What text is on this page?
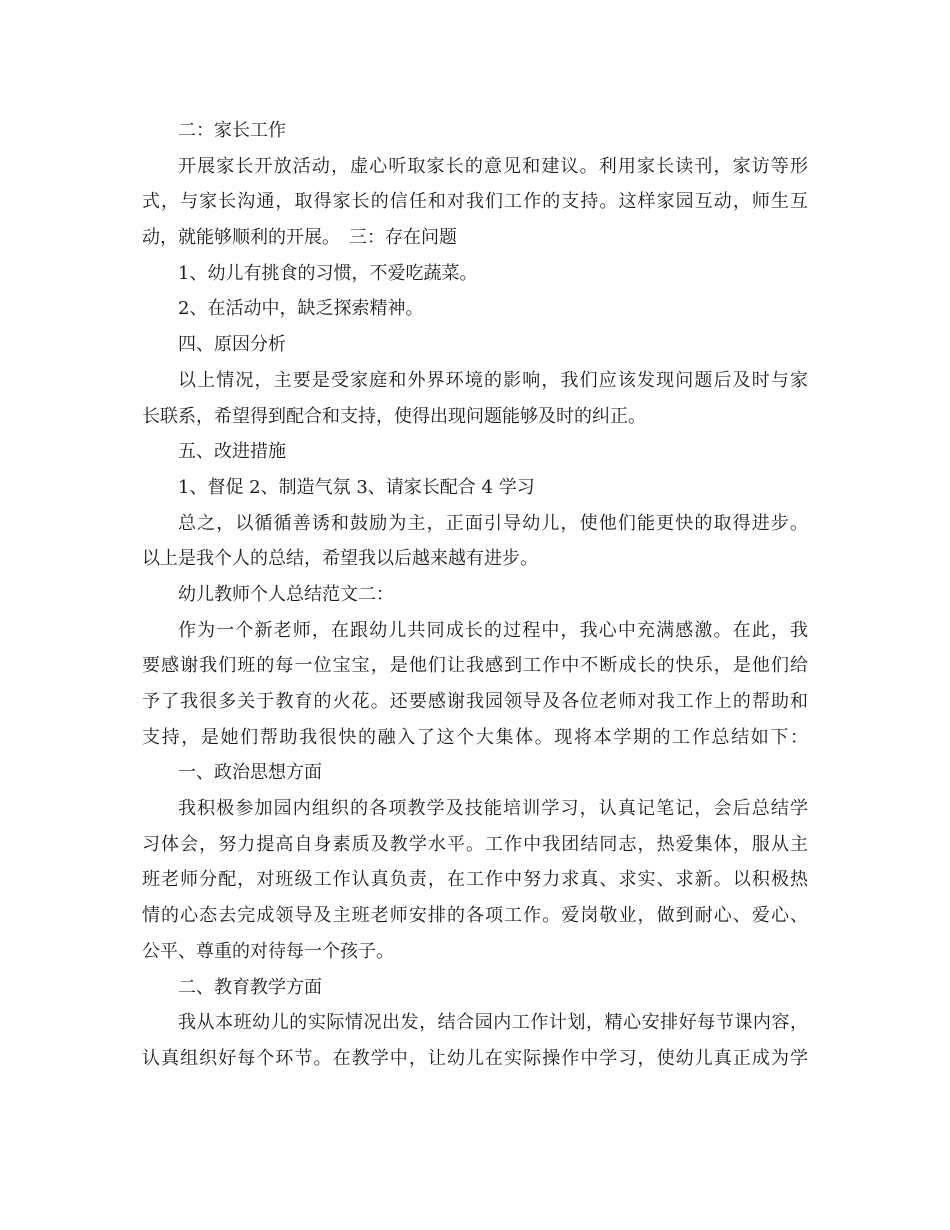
二：家长工作
开展家长开放活动，虚心听取家长的意见和建议。利用家长读刊，家访等形
式，与家长沟通，取得家长的信任和对我们工作的支持。这样家园互动，师生互
动，就能够顺利的开展。　三：存在问题
1、幼儿有挑食的习惯，不爱吃蔬菜。
2、在活动中，缺乏探索精神。
四、原因分析
以上情况，主要是受家庭和外界环境的影响，我们应该发现问题后及时与家
长联系，希望得到配合和支持，使得出现问题能够及时的纠正。
五、改进措施
1、督促 2、制造气氛 3、请家长配合 4 学习
总之，以循循善诱和鼓励为主，正面引导幼儿，使他们能更快的取得进步。
以上是我个人的总结，希望我以后越来越有进步。
幼儿教师个人总结范文二：
作为一个新老师，在跟幼儿共同成长的过程中，我心中充满感激。在此，我
要感谢我们班的每一位宝宝，是他们让我感到工作中不断成长的快乐，是他们给
予了我很多关于教育的火花。还要感谢我园领导及各位老师对我工作上的帮助和
支持，是她们帮助我很快的融入了这个大集体。现将本学期的工作总结如下：
一、政治思想方面
我积极参加园内组织的各项教学及技能培训学习，认真记笔记，会后总结学
习体会，努力提高自身素质及教学水平。工作中我团结同志，热爱集体，服从主
班老师分配，对班级工作认真负责，在工作中努力求真、求实、求新。以积极热
情的心态去完成领导及主班老师安排的各项工作。爱岗敬业，做到耐心、爱心、
公平、尊重的对待每一个孩子。
二、教育教学方面
我从本班幼儿的实际情况出发，结合园内工作计划，精心安排好每节课内容，
认真组织好每个环节。在教学中，让幼儿在实际操作中学习，使幼儿真正成为学
